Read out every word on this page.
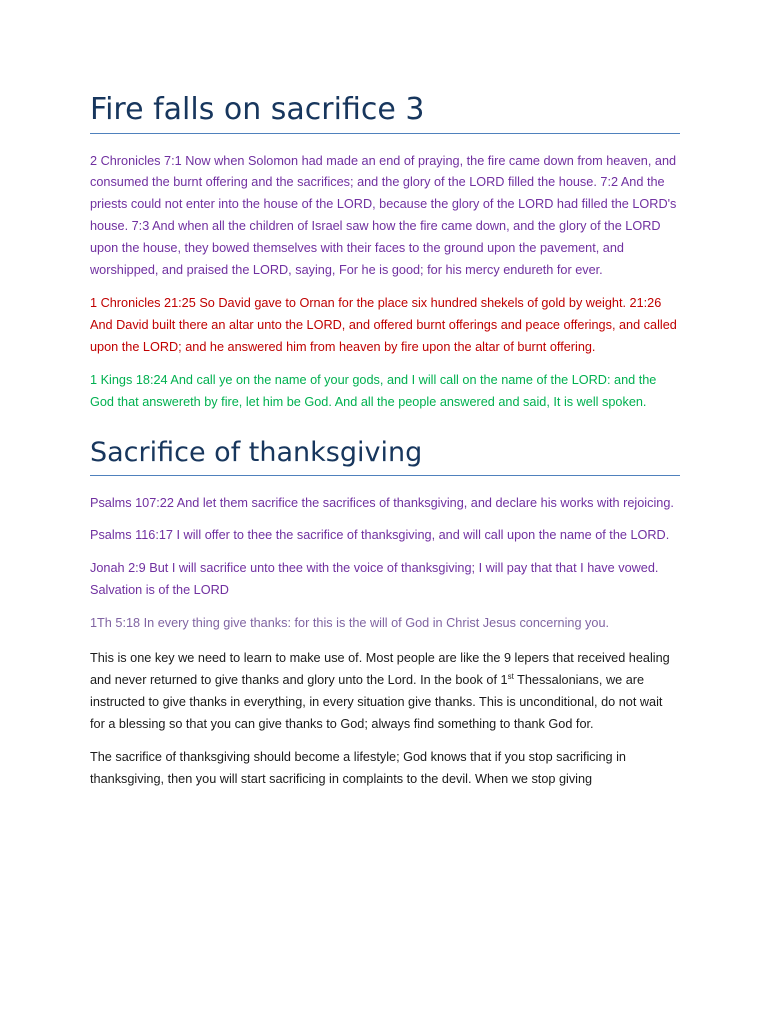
Fire falls on sacrifice 3

2 Chronicles 7:1 Now when Solomon had made an end of praying, the fire came down from heaven, and consumed the burnt offering and the sacrifices; and the glory of the LORD filled the house. 7:2 And the priests could not enter into the house of the LORD, because the glory of the LORD had filled the LORD's house. 7:3 And when all the children of Israel saw how the fire came down, and the glory of the LORD upon the house, they bowed themselves with their faces to the ground upon the pavement, and worshipped, and praised the LORD, saying, For he is good; for his mercy endureth for ever.

1 Chronicles 21:25 So David gave to Ornan for the place six hundred shekels of gold by weight. 21:26 And David built there an altar unto the LORD, and offered burnt offerings and peace offerings, and called upon the LORD; and he answered him from heaven by fire upon the altar of burnt offering.

1 Kings 18:24 And call ye on the name of your gods, and I will call on the name of the LORD: and the God that answereth by fire, let him be God. And all the people answered and said, It is well spoken.

Sacrifice of thanksgiving

Psalms 107:22 And let them sacrifice the sacrifices of thanksgiving, and declare his works with rejoicing.

Psalms 116:17 I will offer to thee the sacrifice of thanksgiving, and will call upon the name of the LORD.

Jonah 2:9 But I will sacrifice unto thee with the voice of thanksgiving; I will pay that that I have vowed. Salvation is of the LORD

1Th 5:18 In every thing give thanks: for this is the will of God in Christ Jesus concerning you.

This is one key we need to learn to make use of. Most people are like the 9 lepers that received healing and never returned to give thanks and glory unto the Lord. In the book of 1st Thessalonians, we are instructed to give thanks in everything, in every situation give thanks. This is unconditional, do not wait for a blessing so that you can give thanks to God; always find something to thank God for.

The sacrifice of thanksgiving should become a lifestyle; God knows that if you stop sacrificing in thanksgiving, then you will start sacrificing in complaints to the devil. When we stop giving
